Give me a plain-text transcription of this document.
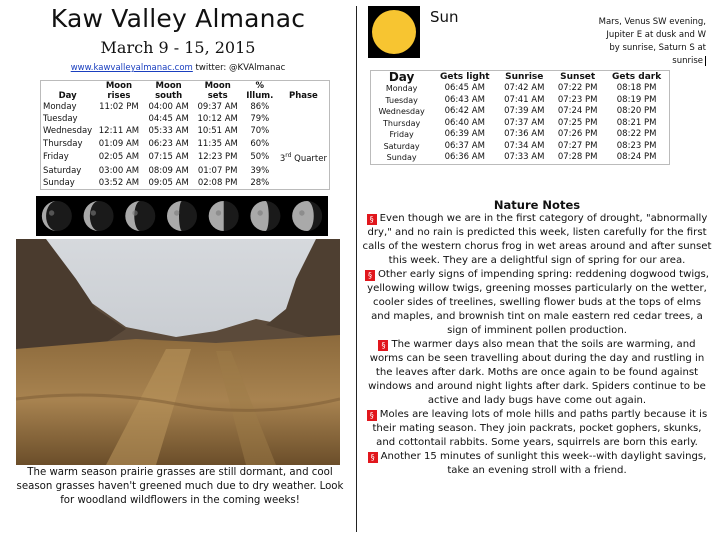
Kaw Valley Almanac
March 9 - 15, 2015
www.kawvalleyalmanac.com twitter: @KVAlmanac
Day	Moon rises	Moon south	Moon sets	% Illum.	Phase
Monday	11:02 PM	04:00 AM	09:37 AM	86%	
Tuesday		04:45 AM	10:12 AM	79%	
Wednesday	12:11 AM	05:33 AM	10:51 AM	70%	
Thursday	01:09 AM	06:23 AM	11:35 AM	60%	
Friday	02:05 AM	07:15 AM	12:23 PM	50%	3rd Quarter
Saturday	03:00 AM	08:09 AM	01:07 PM	39%	
Sunday	03:52 AM	09:05 AM	02:08 PM	28%	
The warm season prairie grasses are still dormant, and cool season grasses haven't greened much due to dry weather. Look for woodland wildflowers in the coming weeks!
Sun	Mars, Venus SW evening,
Jupiter E at dusk and W
by sunrise, Saturn S at
sunrise
Day	Gets light	Sunrise	Sunset	Gets dark
Monday	06:45 AM	07:42 AM	07:22 PM	08:18 PM
Tuesday	06:43 AM	07:41 AM	07:23 PM	08:19 PM
Wednesday	06:42 AM	07:39 AM	07:24 PM	08:20 PM
Thursday	06:40 AM	07:37 AM	07:25 PM	08:21 PM
Friday	06:39 AM	07:36 AM	07:26 PM	08:22 PM
Saturday	06:37 AM	07:34 AM	07:27 PM	08:23 PM
Sunday	06:36 AM	07:33 AM	07:28 PM	08:24 PM
Nature Notes

§ Even though we are in the first category of drought, "abnormally dry," and no rain is predicted this week, listen carefully for the first calls of the western chorus frog in wet areas around and after sunset this week. They are a delightful sign of spring for our area.

§ Other early signs of impending spring: reddening dogwood twigs, yellowing willow twigs, greening mosses particularly on the wetter, cooler sides of treelines, swelling flower buds at the tops of elms and maples, and brownish tint on male eastern red cedar trees, a sign of imminent pollen production.

§ The warmer days also mean that the soils are warming, and worms can be seen travelling about during the day and rustling in the leaves after dark. Moths are once again to be found against windows and around night lights after dark. Spiders continue to be active and lady bugs have come out again.

§ Moles are leaving lots of mole hills and paths partly because it is their mating season. They join packrats, pocket gophers, skunks, and cottontail rabbits. Some years, squirrels are born this early.

§ Another 15 minutes of sunlight this week--with daylight savings, take an evening stroll with a friend.
